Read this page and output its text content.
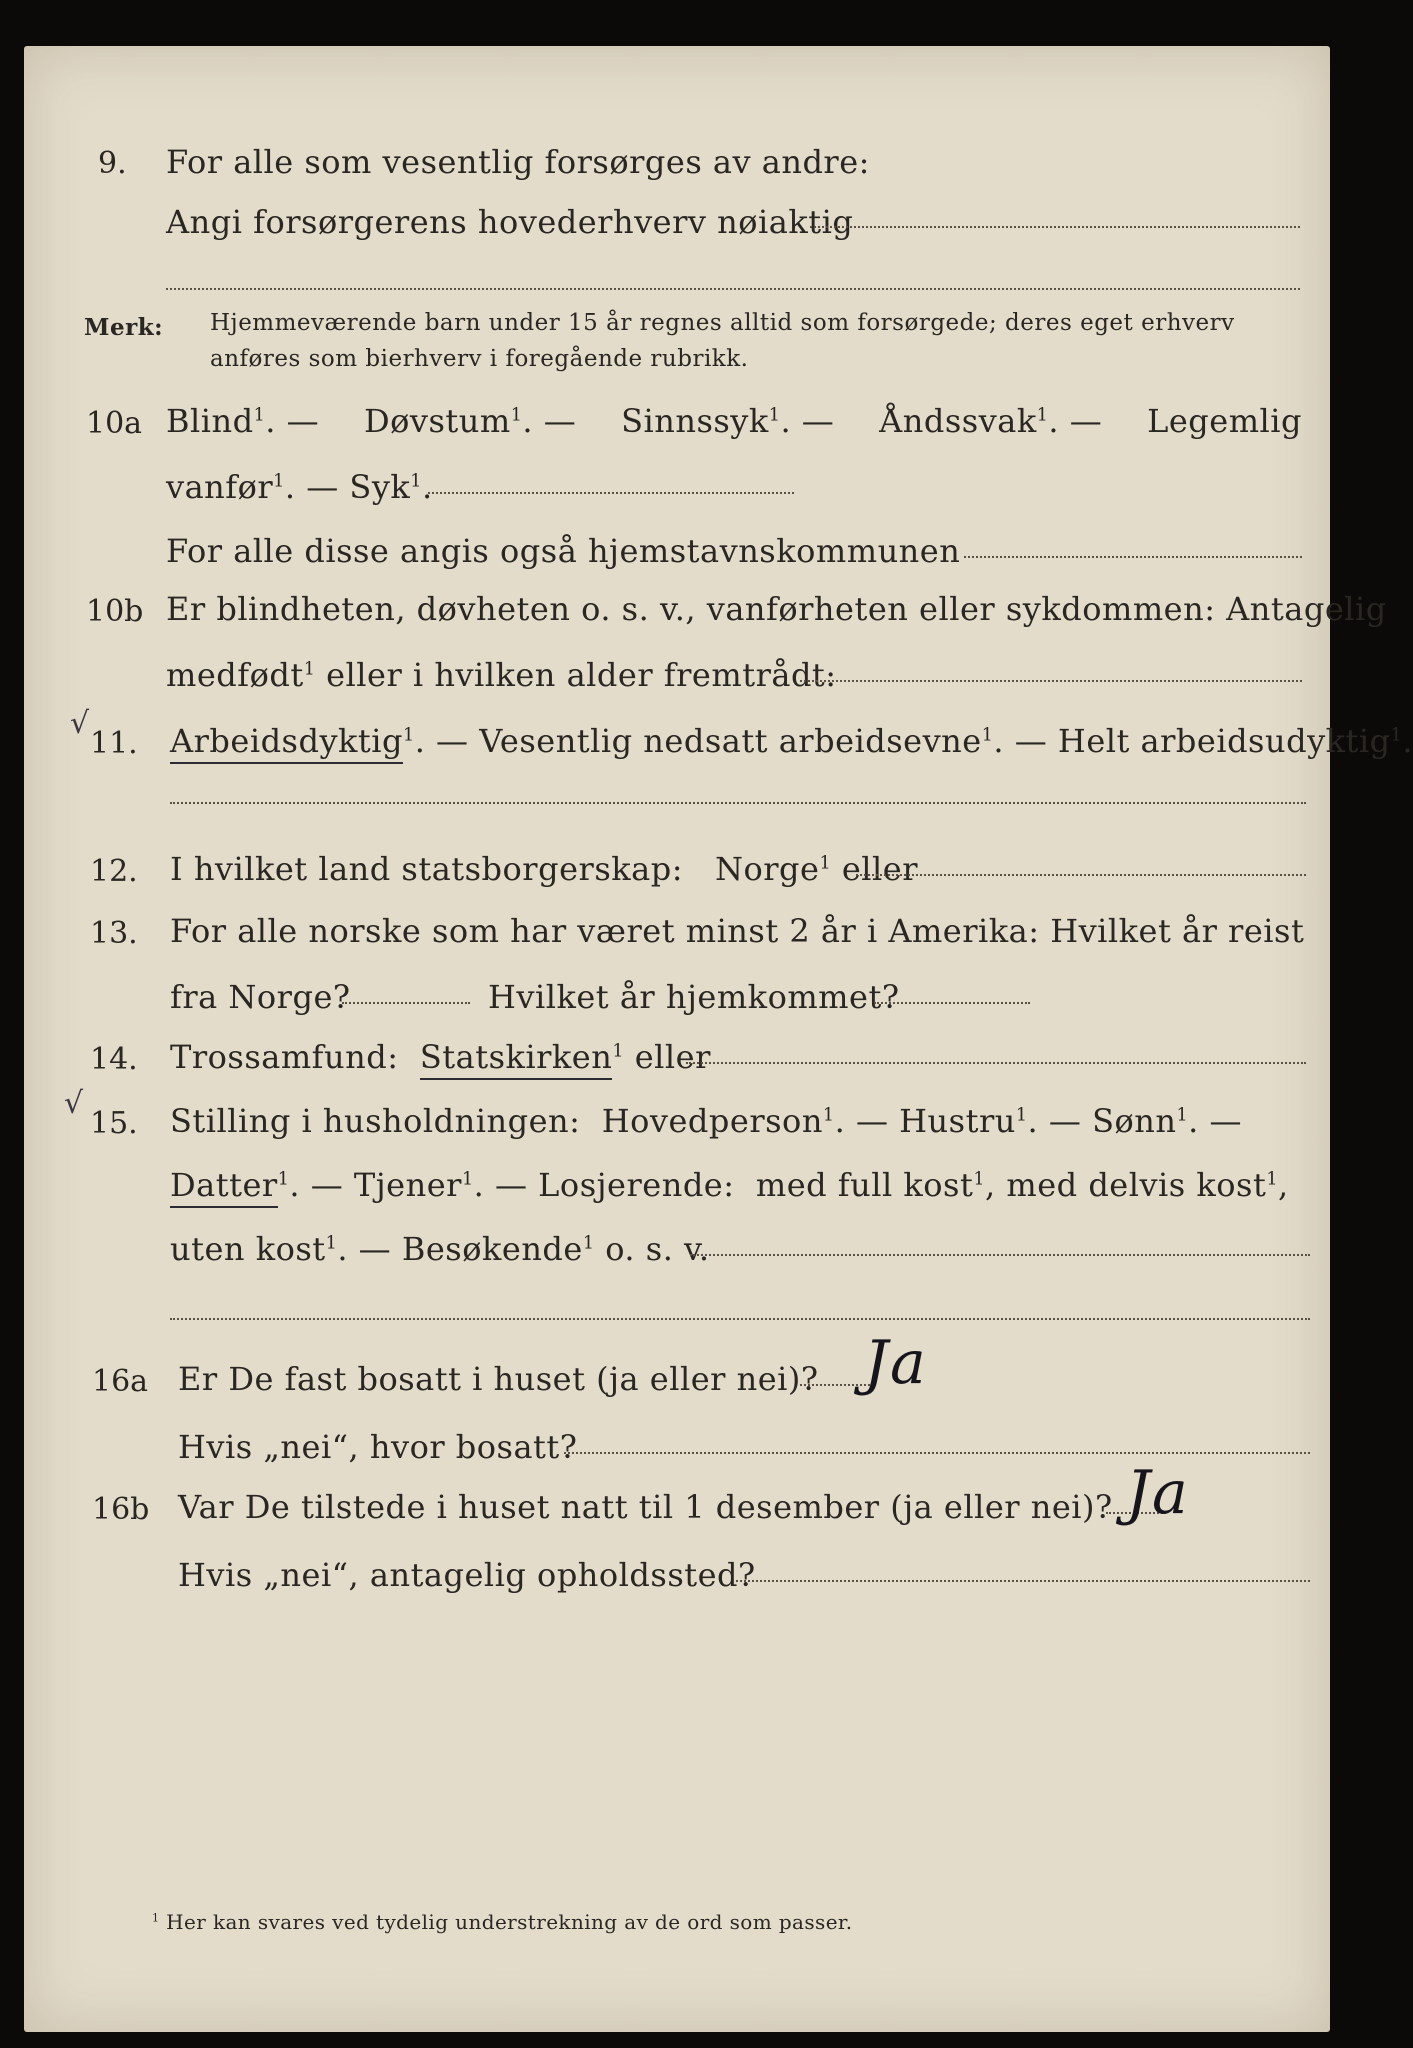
9. For alle som vesentlig forsørges av andre:
Angi forsørgerens hovederhverv nøiaktig
Merk: Hjemmeværende barn under 15 år regnes alltid som forsørgede; deres eget erhverv
anføres som bierhverv i foregående rubrikk.
10a Blind$^1$. — Døvstum$^1$. — Sinnssyk$^1$. — Åndssvak$^1$. — Legemlig
vanfør$^1$. — Syk$^1$.
For alle disse angis også hjemstavnskommunen
10b Er blindheten, døvheten o. s. v., vanførheten eller sykdommen: Antagelig
medfødt$^1$ eller i hvilken alder fremtrådt:
√
11. Arbeidsdyktig$^1$. — Vesentlig nedsatt arbeidsevne$^1$. — Helt arbeidsudyktig$^1$.
12. I hvilket land statsborgerskap: Norge$^1$ eller
13. For alle norske som har været minst 2 år i Amerika: Hvilket år reist
fra Norge?	Hvilket år hjemkommet?
14. Trossamfund: Statskirken$^1$ eller
√
15. Stilling i husholdningen: Hovedperson$^1$. — Hustru$^1$. — Sønn$^1$. —
Datter$^1$. — Tjener$^1$. — Losjerende: med full kost$^1$, med delvis kost$^1$,
uten kost$^1$. — Besøkende$^1$ o. s. v.
16a Er De fast bosatt i huset (ja eller nei)? Ja
Hvis „nei“, hvor bosatt?
16b Var De tilstede i huset natt til 1 desember (ja eller nei)? Ja
Hvis „nei“, antagelig opholdssted?
$^1$ Her kan svares ved tydelig understrekning av de ord som passer.
